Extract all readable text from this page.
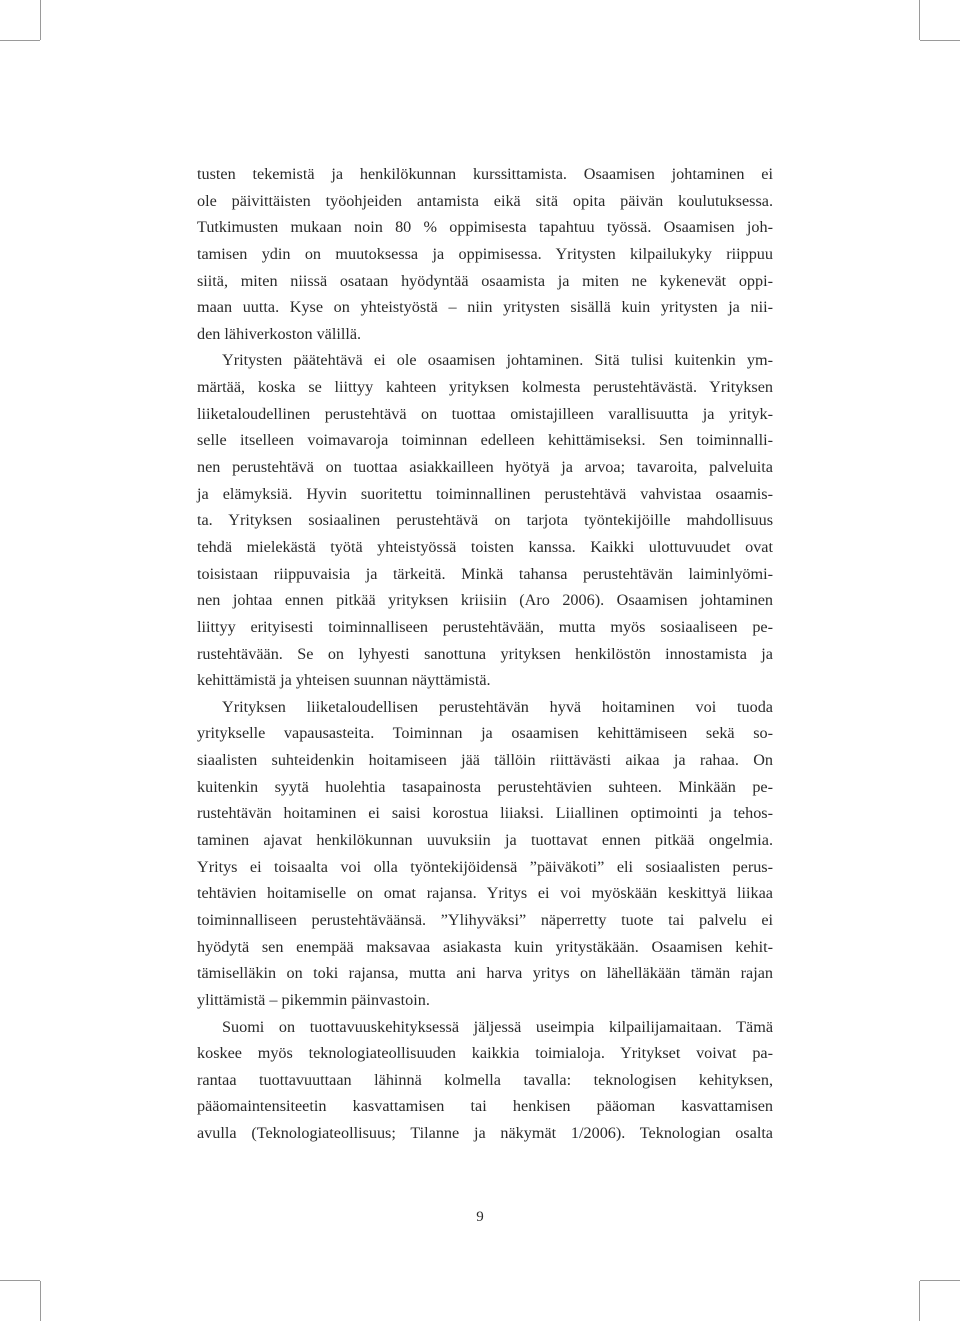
tusten tekemistä ja henkilökunnan kurssittamista. Osaamisen johtaminen ei
ole päivittäisten työohjeiden antamista eikä sitä opita päivän koulutuksessa.
Tutkimusten mukaan noin 80 % oppimisesta tapahtuu työssä. Osaamisen joh-
tamisen ydin on muutoksessa ja oppimisessa. Yritysten kilpailukyky riippuu
siitä, miten niissä osataan hyödyntää osaamista ja miten ne kykenevät oppi-
maan uutta. Kyse on yhteistyöstä – niin yritysten sisällä kuin yritysten ja nii-
den lähiverkoston välillä.
Yritysten päätehtävä ei ole osaamisen johtaminen. Sitä tulisi kuitenkin ym-
märtää, koska se liittyy kahteen yrityksen kolmesta perustehtävästä. Yrityksen
liiketaloudellinen perustehtävä on tuottaa omistajilleen varallisuutta ja yrityk-
selle itselleen voimavaroja toiminnan edelleen kehittämiseksi. Sen toiminnalli-
nen perustehtävä on tuottaa asiakkailleen hyötyä ja arvoa; tavaroita, palveluita
ja elämyksiä. Hyvin suoritettu toiminnallinen perustehtävä vahvistaa osaamis-
ta. Yrityksen sosiaalinen perustehtävä on tarjota työntekijöille mahdollisuus
tehdä mielekästä työtä yhteistyössä toisten kanssa. Kaikki ulottuvuudet ovat
toisistaan riippuvaisia ja tärkeitä. Minkä tahansa perustehtävän laiminlyömi-
nen johtaa ennen pitkää yrityksen kriisiin (Aro 2006). Osaamisen johtaminen
liittyy erityisesti toiminnalliseen perustehtävään, mutta myös sosiaaliseen pe-
rustehtävään. Se on lyhyesti sanottuna yrityksen henkilöstön innostamista ja
kehittämistä ja yhteisen suunnan näyttämistä.
Yrityksen liiketaloudellisen perustehtävän hyvä hoitaminen voi tuoda
yritykselle vapausasteita. Toiminnan ja osaamisen kehittämiseen sekä so-
siaalisten suhteidenkin hoitamiseen jää tällöin riittävästi aikaa ja rahaa. On
kuitenkin syytä huolehtia tasapainosta perustehtävien suhteen. Minkään pe-
rustehtävän hoitaminen ei saisi korostua liiaksi. Liiallinen optimointi ja tehos-
taminen ajavat henkilökunnan uuvuksiin ja tuottavat ennen pitkää ongelmia.
Yritys ei toisaalta voi olla työntekijöidensä ”päiväkoti” eli sosiaalisten perus-
tehtävien hoitamiselle on omat rajansa. Yritys ei voi myöskään keskittyä liikaa
toiminnalliseen perustehtäväänsä. ”Ylihyväksi” näperretty tuote tai palvelu ei
hyödytä sen enempää maksavaa asiakasta kuin yritystäkään. Osaamisen kehit-
tämiselläkin on toki rajansa, mutta ani harva yritys on lähelläkään tämän rajan
ylittämistä – pikemmin päinvastoin.
Suomi on tuottavuuskehityksessä jäljessä useimpia kilpailijamaitaan. Tämä
koskee myös teknologiateollisuuden kaikkia toimialoja. Yritykset voivat pa-
rantaa tuottavuuttaan lähinnä kolmella tavalla: teknologisen kehityksen,
pääomaintensiteetin kasvattamisen tai henkisen pääoman kasvattamisen
avulla (Teknologiateollisuus; Tilanne ja näkymät 1/2006). Teknologian osalta
9
